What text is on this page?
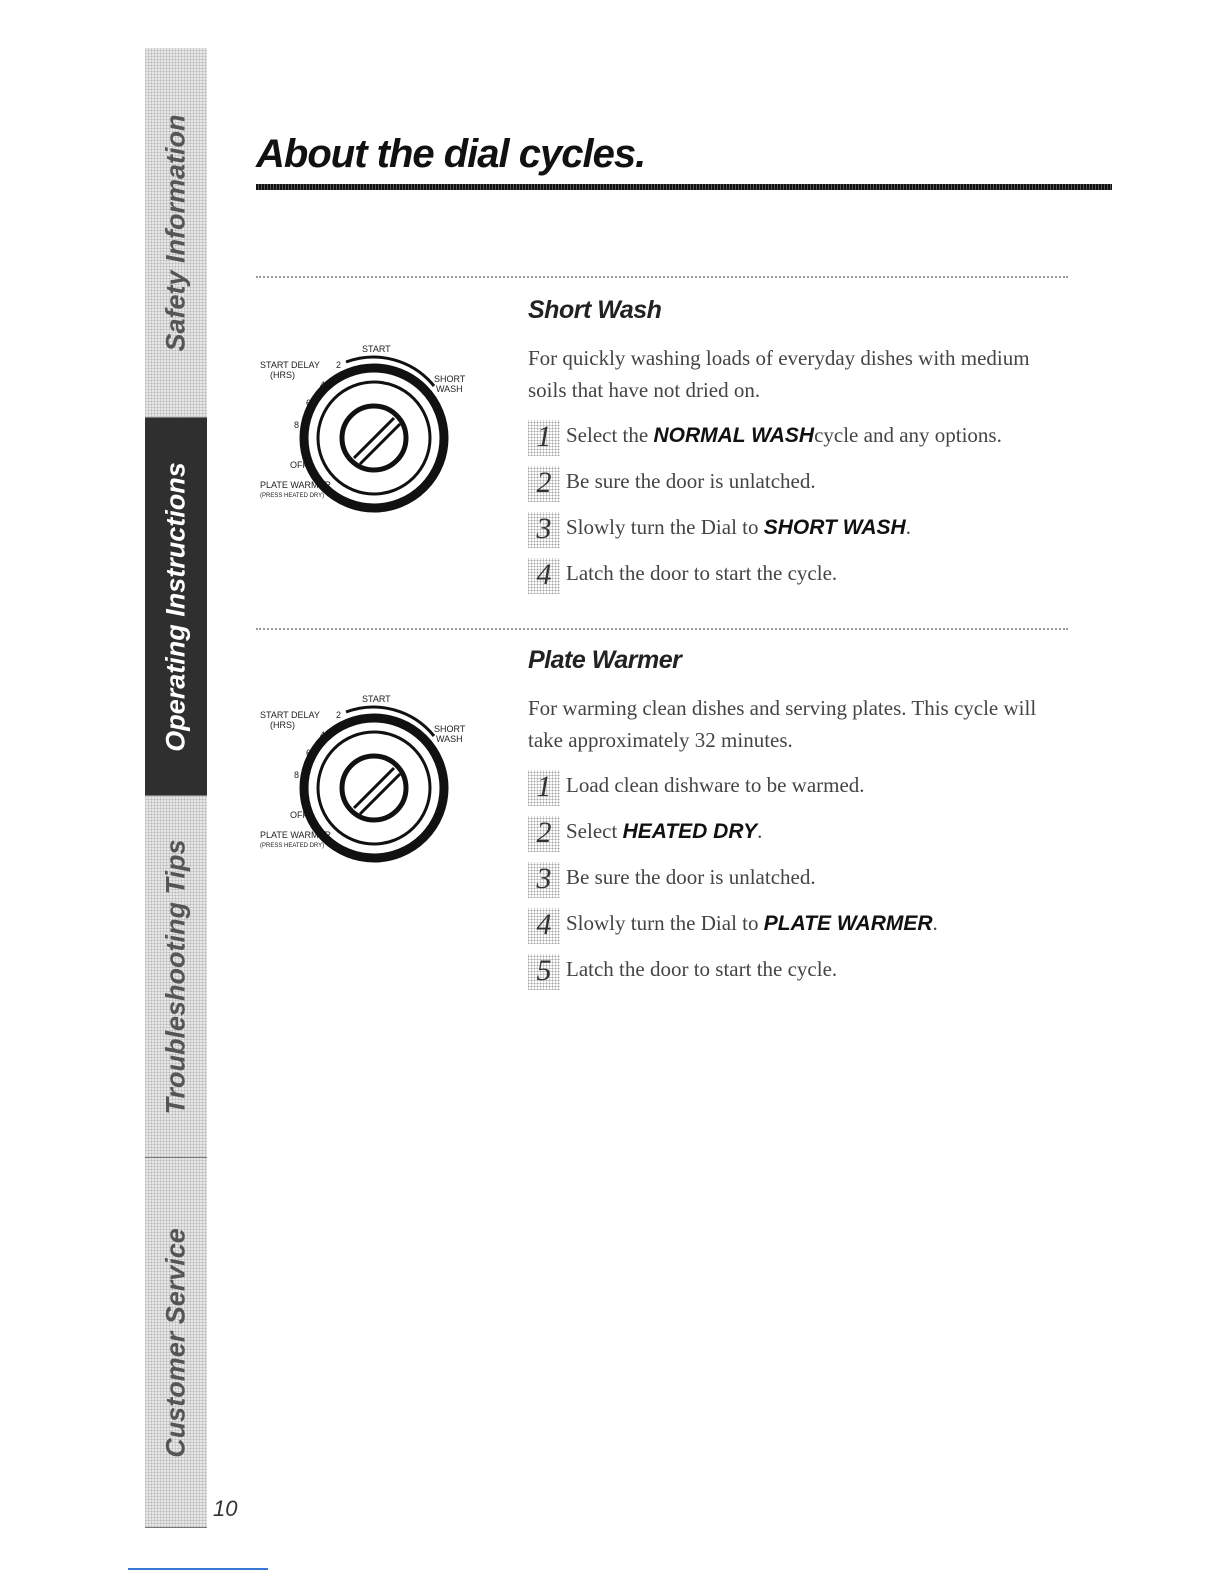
Safety Information
Operating Instructions
Troubleshooting Tips
Customer Service
10
About the dial cycles.
START
START DELAY
(HRS)
2
4
6
8
SHORT
WASH
OFF
PLATE WARMER
(PRESS HEATED DRY)
Short Wash

For quickly washing loads of everyday dishes with medium soils that have not dried on.

1 Select the NORMAL WASHcycle and any options.
2 Be sure the door is unlatched.
3 Slowly turn the Dial to SHORT WASH.
4 Latch the door to start the cycle.
START
START DELAY
(HRS)
2
4
6
8
SHORT
WASH
OFF
PLATE WARMER
(PRESS HEATED DRY)
Plate Warmer

For warming clean dishes and serving plates. This cycle will take approximately 32 minutes.

1 Load clean dishware to be warmed.
2 Select HEATED DRY.
3 Be sure the door is unlatched.
4 Slowly turn the Dial to PLATE WARMER.
5 Latch the door to start the cycle.
